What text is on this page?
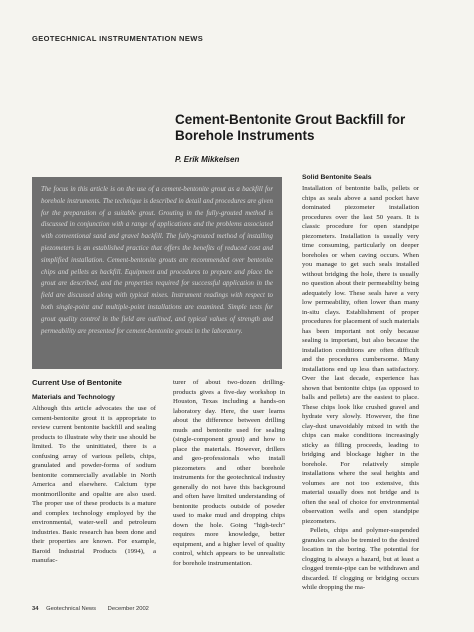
GEOTECHNICAL INSTRUMENTATION NEWS
Cement-Bentonite Grout Backfill for
Borehole Instruments
P. Erik Mikkelsen
The focus in this article is on the use of a cement-bentonite grout as a backfill for borehole instruments. The technique is described in detail and procedures are given for the preparation of a suitable grout. Grouting in the fully-grouted method is discussed in conjunction with a range of applications and the problems associated with conventional sand and gravel backfill. The fully-grouted method of installing piezometers is an established practice that offers the benefits of reduced cost and simplified installation. Cement-bentonite grouts are recommended over bentonite chips and pellets as backfill. Equipment and procedures to prepare and place the grout are described, and the properties required for successful application in the field are discussed along with typical mixes. Instrument readings with respect to both single-point and multiple-point installations are examined. Simple tests for grout quality control in the field are outlined, and typical values of strength and permeability are presented for cement-bentonite grouts in the laboratory.
Current Use of Bentonite
Materials and Technology

Although this article advocates the use of cement-bentonite grout it is appropriate to review current bentonite backfill and sealing products to illustrate why their use should be limited. To the uninitiated, there is a confusing array of various pellets, chips, granulated and powder-forms of sodium bentonite commercially available in North America and elsewhere. Calcium type montmorillonite and opalite are also used. The proper use of these products is a mature and complex technology employed by the environmental, water-well and petroleum industries. Basic research has been done and their properties are known. For example, Baroid Industrial Products (1994), a manufac-

turer of about two-dozen drilling-products gives a five-day workshop in Houston, Texas including a hands-on laboratory day. Here, the user learns about the difference between drilling muds and bentonite used for sealing (single-component grout) and how to place the materials. However, drillers and geo-professionals who install piezometers and other borehole instruments for the geotechnical industry generally do not have this background and often have limited understanding of bentonite products outside of powder used to make mud and dropping chips down the hole. Going "high-tech" requires more knowledge, better equipment, and a higher level of quality control, which appears to be unrealistic for borehole instrumentation.

Solid Bentonite Seals

Installation of bentonite balls, pellets or chips as seals above a sand pocket have dominated piezometer installation procedures over the last 50 years. It is classic procedure for open standpipe piezometers. Installation is usually very time consuming, particularly on deeper boreholes or when caving occurs. When you manage to get such seals installed without bridging the hole, there is usually no question about their permeability being adequately low. These seals have a very low permeability, often lower than many in-situ clays. Establishment of proper procedures for placement of such materials has been important not only because sealing is important, but also because the installation conditions are often difficult and the procedures cumbersome. Many installations end up less than satisfactory. Over the last decade, experience has shown that bentonite chips (as opposed to balls and pellets) are the easiest to place. These chips look like crushed gravel and hydrate very slowly. However, the fine clay-dust unavoidably mixed in with the chips can make conditions increasingly sticky as filling proceeds, leading to bridging and blockage higher in the borehole. For relatively simple installations where the seal heights and volumes are not too extensive, this material usually does not bridge and is often the seal of choice for environmental observation wells and open standpipe piezometers.

Pellets, chips and polymer-suspended granules can also be tremied to the desired location in the boring. The potential for clogging is always a hazard, but at least a clogged tremie-pipe can be withdrawn and discarded. If clogging or bridging occurs while dropping the ma-

34 Geotechnical News December 2002
